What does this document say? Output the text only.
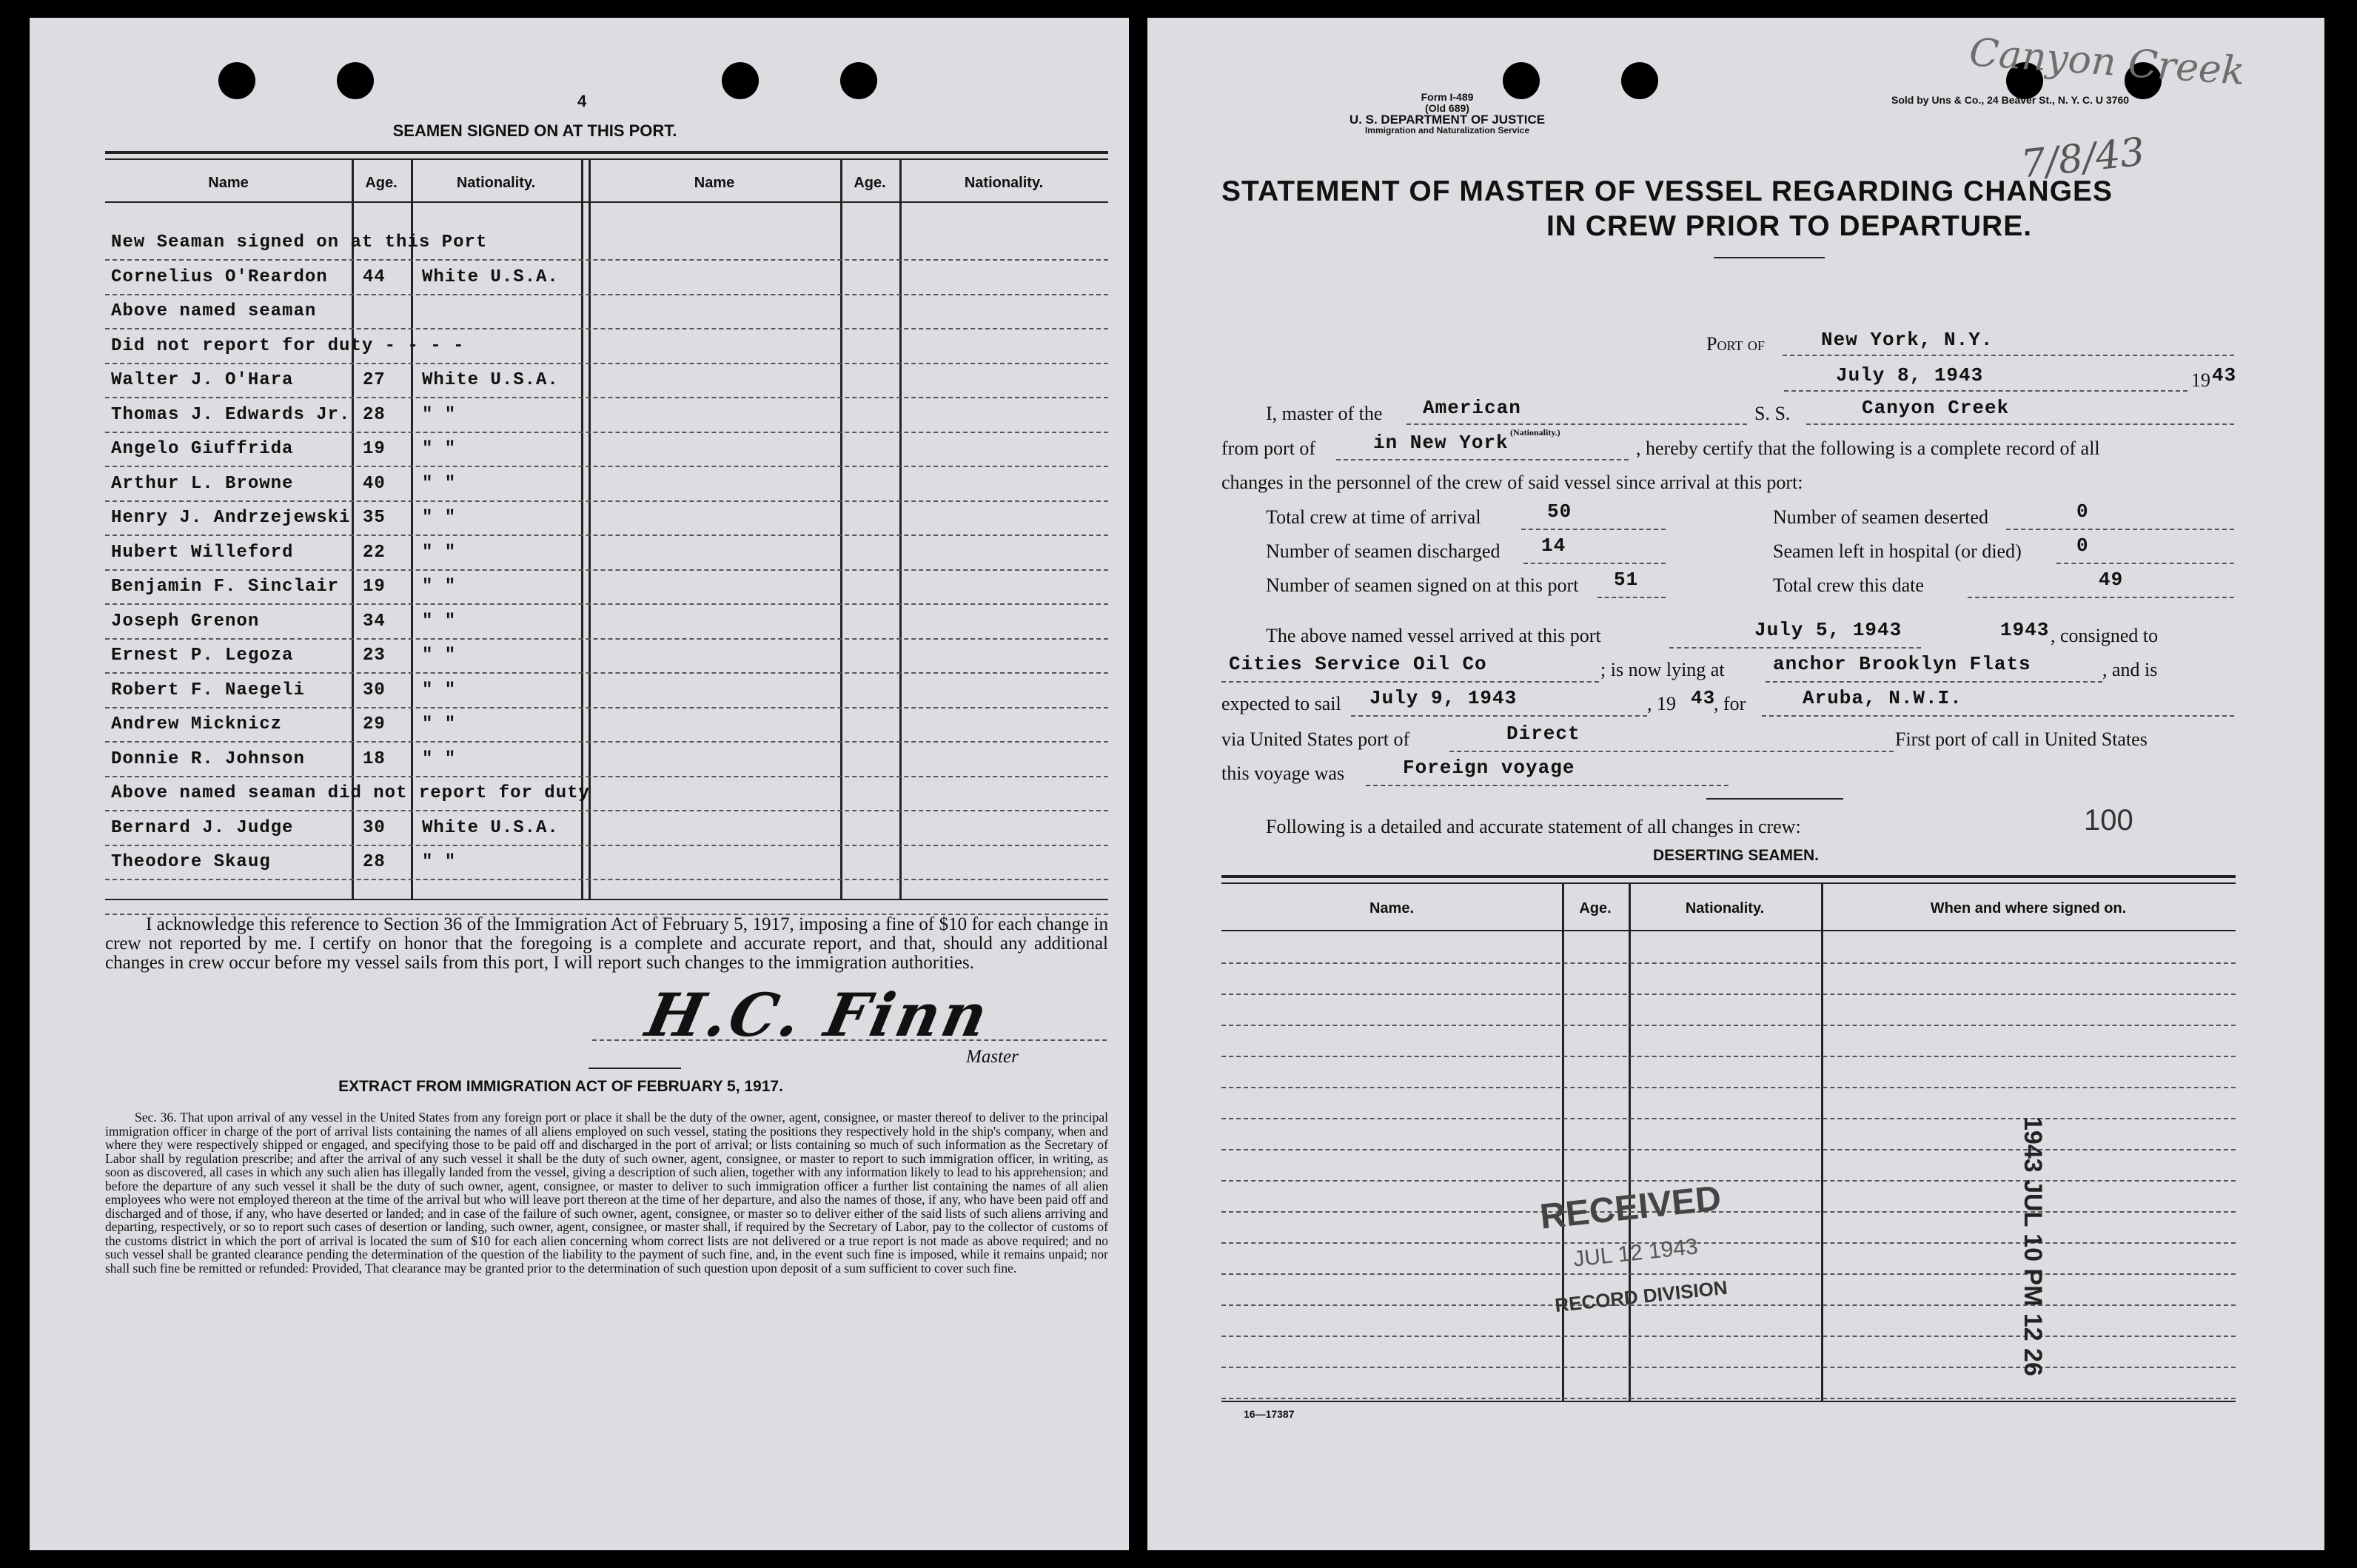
4
SEAMEN SIGNED ON AT THIS PORT.
Name	Age.	Nationality.	Name	Age.	Nationality.
New Seaman signed on at this Port
Cornelius O'Reardon 44 White U.S.A.
Above named seaman
Did not report for duty - - - -
Walter J. O'Hara	27 White U.S.A.
Thomas J. Edwards Jr. 28 " "
Angelo Giuffrida	19 " "
Arthur L. Browne	40 " "
Henry J. Andrzejewski 35 " "
Hubert Willeford	22 " "
Benjamin F. Sinclair 19 " "
Joseph Grenon	34 " "
Ernest P. Legoza	23 " "
Robert F. Naegeli	30 " "
Andrew Micknicz	29 " "
Donnie R. Johnson	18 " "
Above named seaman did not report for duty
Bernard J. Judge	30 White U.S.A.
Theodore Skaug	28 " "
I acknowledge this reference to Section 36 of the Immigration Act of February 5, 1917, imposing a fine of $10 for each change in crew not reported by me. I certify on honor that the foregoing is a complete and accurate report, and that, should any additional changes in crew occur before my vessel sails from this port, I will report such changes to the immigration authorities.
H.C. Finn
Master
EXTRACT FROM IMMIGRATION ACT OF FEBRUARY 5, 1917.
Sec. 36. That upon arrival of any vessel in the United States from any foreign port or place it shall be the duty of the owner, agent, consignee, or master thereof to deliver to the principal immigration officer in charge of the port of arrival lists containing the names of all aliens employed on such vessel, stating the positions they respectively hold in the ship's company, when and where they were respectively shipped or engaged, and specifying those to be paid off and discharged in the port of arrival; or lists containing so much of such information as the Secretary of Labor shall by regulation prescribe; and after the arrival of any such vessel it shall be the duty of such owner, agent, consignee, or master to report to such immigration officer, in writing, as soon as discovered, all cases in which any such alien has illegally landed from the vessel, giving a description of such alien, together with any information likely to lead to his apprehension; and before the departure of any such vessel it shall be the duty of such owner, agent, consignee, or master to deliver to such immigration officer a further list containing the names of all alien employees who were not employed thereon at the time of the arrival but who will leave port thereon at the time of her departure, and also the names of those, if any, who have been paid off and discharged and of those, if any, who have deserted or landed; and in case of the failure of such owner, agent, consignee, or master so to deliver either of the said lists of such aliens arriving and departing, respectively, or so to report such cases of desertion or landing, such owner, agent, consignee, or master shall, if required by the Secretary of Labor, pay to the collector of customs of the customs district in which the port of arrival is located the sum of $10 for each alien concerning whom correct lists are not delivered or a true report is not made as above required; and no such vessel shall be granted clearance pending the determination of the question of the liability to the payment of such fine, and, in the event such fine is imposed, while it remains unpaid; nor shall such fine be remitted or refunded: Provided, That clearance may be granted prior to the determination of such question upon deposit of a sum sufficient to cover such fine.
Form I-489
(Old 689)
U. S. DEPARTMENT OF JUSTICE
Immigration and Naturalization Service
Sold by Uns & Co., 24 Beaver St., N. Y. C. U 3760
Canyon Creek
7/8/43
STATEMENT OF MASTER OF VESSEL REGARDING CHANGES
IN CREW PRIOR TO DEPARTURE.
Port of	New York, N.Y.
July 8, 1943	19 43
I, master of the American
(Nationality.)
S. S.	Canyon Creek
from port of	in New York	, hereby certify that the following is a complete record of all
changes in the personnel of the crew of said vessel since arrival at this port:
Total crew at time of arrival	50	Number of seamen deserted	0
Number of seamen discharged 14	Seamen left in hospital (or died)	0
Number of seamen signed on at this port 51	Total crew this date	49
The above named vessel arrived at this port	July 5, 1943	1943 , consigned to
Cities Service Oil Co	; is now lying at	anchor Brooklyn Flats	, and is
expected to sail July 9, 1943	, 19 43
, for	Aruba, N.W.I.
via United States port of	Direct	First port of call in United States
this voyage was	Foreign voyage
Following is a detailed and accurate statement of all changes in crew:	100
DESERTING SEAMEN.
Name.	Age.	Nationality.	When and where signed on.
RECEIVED
JUL 12 1943
RECORD DIVISION	1943 JUL 10 PM 12 26
16—17387
